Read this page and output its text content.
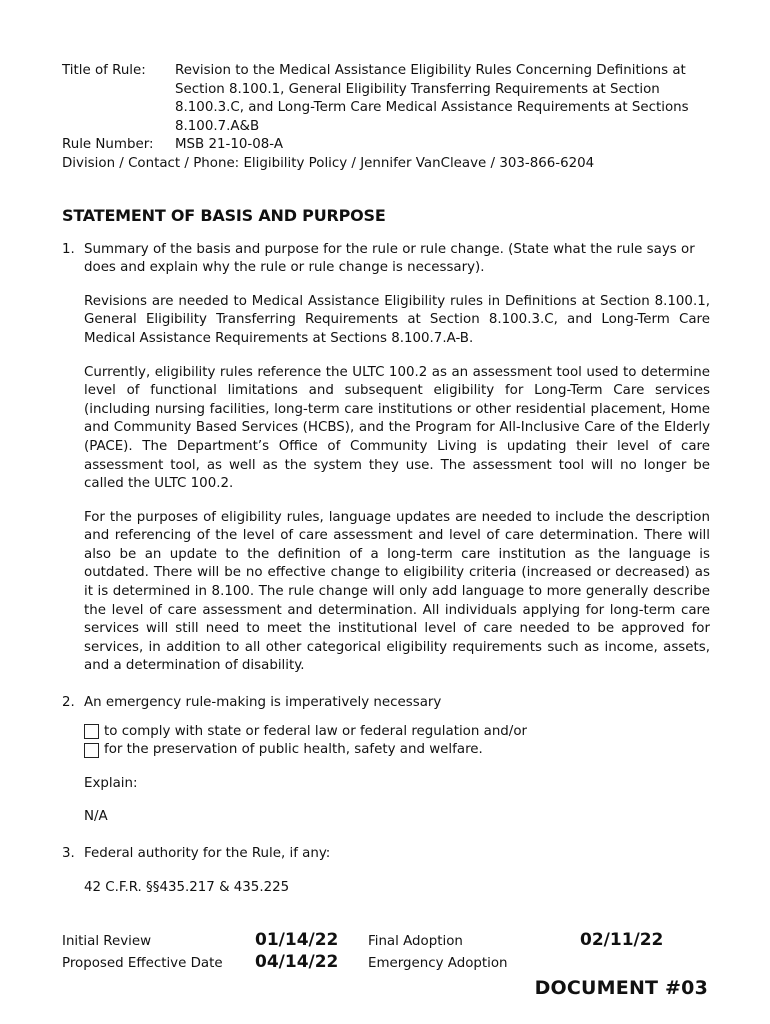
Title of Rule:	Revision to the Medical Assistance Eligibility Rules Concerning Definitions at
Section 8.100.1, General Eligibility Transferring Requirements at Section
8.100.3.C, and Long-Term Care Medical Assistance Requirements at Sections
8.100.7.A&B
Rule Number:	MSB 21-10-08-A
Division / Contact / Phone: Eligibility Policy / Jennifer VanCleave / 303-866-6204
STATEMENT OF BASIS AND PURPOSE
1. Summary of the basis and purpose for the rule or rule change. (State what the rule says or does and explain why the rule or rule change is necessary).
Revisions are needed to Medical Assistance Eligibility rules in Definitions at Section 8.100.1, General Eligibility Transferring Requirements at Section 8.100.3.C, and Long-Term Care Medical Assistance Requirements at Sections 8.100.7.A-B.
Currently, eligibility rules reference the ULTC 100.2 as an assessment tool used to determine level of functional limitations and subsequent eligibility for Long-Term Care services (including nursing facilities, long-term care institutions or other residential placement, Home and Community Based Services (HCBS), and the Program for All-Inclusive Care of the Elderly (PACE). The Department’s Office of Community Living is updating their level of care assessment tool, as well as the system they use. The assessment tool will no longer be called the ULTC 100.2.
For the purposes of eligibility rules, language updates are needed to include the description and referencing of the level of care assessment and level of care determination. There will also be an update to the definition of a long-term care institution as the language is outdated. There will be no effective change to eligibility criteria (increased or decreased) as it is determined in 8.100. The rule change will only add language to more generally describe the level of care assessment and determination. All individuals applying for long-term care services will still need to meet the institutional level of care needed to be approved for services, in addition to all other categorical eligibility requirements such as income, assets, and a determination of disability.
2. An emergency rule-making is imperatively necessary
to comply with state or federal law or federal regulation and/or
for the preservation of public health, safety and welfare.
Explain:
N/A
3. Federal authority for the Rule, if any:
42 C.F.R. §§435.217 & 435.225
Initial Review	01/14/22	Final Adoption	02/11/22
Proposed Effective Date	04/14/22	Emergency Adoption
DOCUMENT #03
